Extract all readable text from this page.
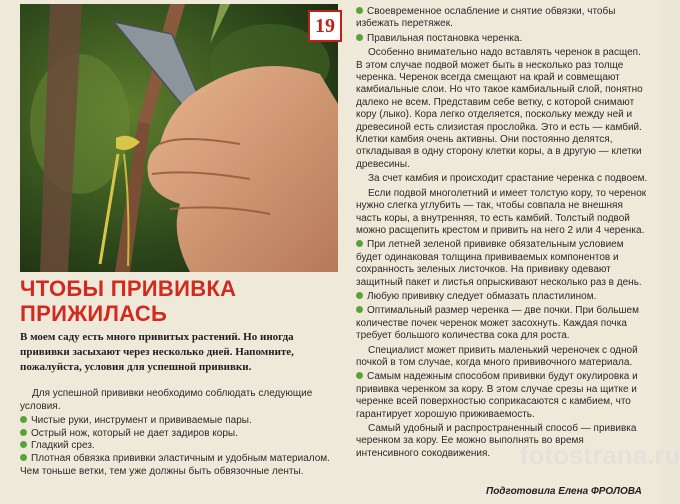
19
ЧТОБЫ ПРИВИВКА
ПРИЖИЛАСЬ
В моем саду есть много привитых растений. Но иногда прививки засыхают через несколько дней. Напомните, пожалуйста, условия для успешной прививки.

Для успешной прививки необходимо соблюдать следующие условия.

Чистые руки, инструмент и прививаемые пары.

Острый нож, который не дает задиров коры.

Гладкий срез.

Плотная обвязка прививки эластичным и удобным материалом. Чем тоньше ветки, тем уже должны быть обвязочные ленты.

Своевременное ослабление и снятие обвязки, чтобы избежать перетяжек.

Правильная постановка черенка.

Особенно внимательно надо вставлять черенок в расщеп. В этом случае подвой может быть в несколько раз толще черенка. Черенок всегда смещают на край и совмещают камбиальные слои. Но что такое камбиальный слой, понятно далеко не всем. Представим себе ветку, с которой снимают кору (лыко). Кора легко отделяется, поскольку между ней и древесиной есть слизистая прослойка. Это и есть — камбий. Клетки камбия очень активны. Они постоянно делятся, откладывая в одну сторону клетки коры, а в другую — клетки древесины.

За счет камбия и происходит срастание черенка с подвоем.

Если подвой многолетний и имеет толстую кору, то черенок нужно слегка углубить — так, чтобы совпала не внешняя часть коры, а внутренняя, то есть камбий. Толстый подвой можно расщепить крестом и привить на него 2 или 4 черенка.

При летней зеленой прививке обязательным условием будет одинаковая толщина прививаемых компонентов и сохранность зеленых листочков. На прививку одевают защитный пакет и листья опрыскивают несколько раз в день.

Любую прививку следует обмазать пластилином.

Оптимальный размер черенка — две почки. При большем количестве почек черенок может засохнуть. Каждая почка требует большого количества сока для роста.

Специалист может привить маленький череночек с одной почкой в том случае, когда много прививочного материала.

Самым надежным способом прививки будут окулировка и прививка черенком за кору. В этом случае срезы на щитке и черенке всей поверхностью соприкасаются с камбием, что гарантирует хорошую приживаемость.

Самый удобный и распространенный способ — прививка черенком за кору. Ее можно выполнять во время интенсивного сокодвижения.	fotostrana.ru
Подготовила Елена ФРОЛОВА
